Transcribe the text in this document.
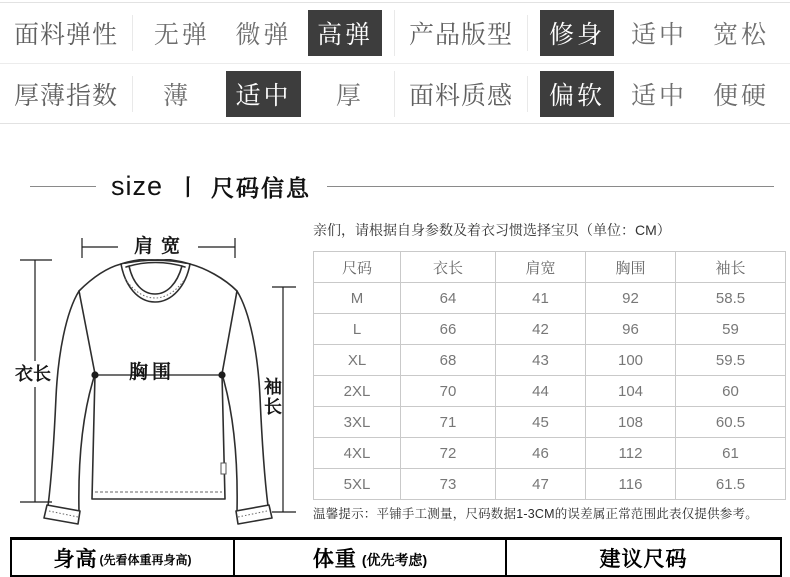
面料弹性	无弹	微弹	高弹	产品版型	修身	适中	宽松
厚薄指数	薄	适中	厚	面料质感	偏软	适中	便硬
size 丨 尺码信息
肩宽
衣长	胸围
袖长
亲们，请根据自身参数及着衣习惯选择宝贝（单位：CM）
尺码	衣长	肩宽	胸围	袖长
M	64	41	92	58.5
L	66	42	96	59
XL	68	43	100	59.5
2XL	70	44	104	60
3XL	71	45	108	60.5
4XL	72	46	112	61
5XL	73	47	116	61.5
温馨提示：平铺手工测量，尺码数据1-3CM的误差属正常范围此表仅提供参考。
身高 (先看体重再身高)	体重 (优先考虑)	建议尺码
